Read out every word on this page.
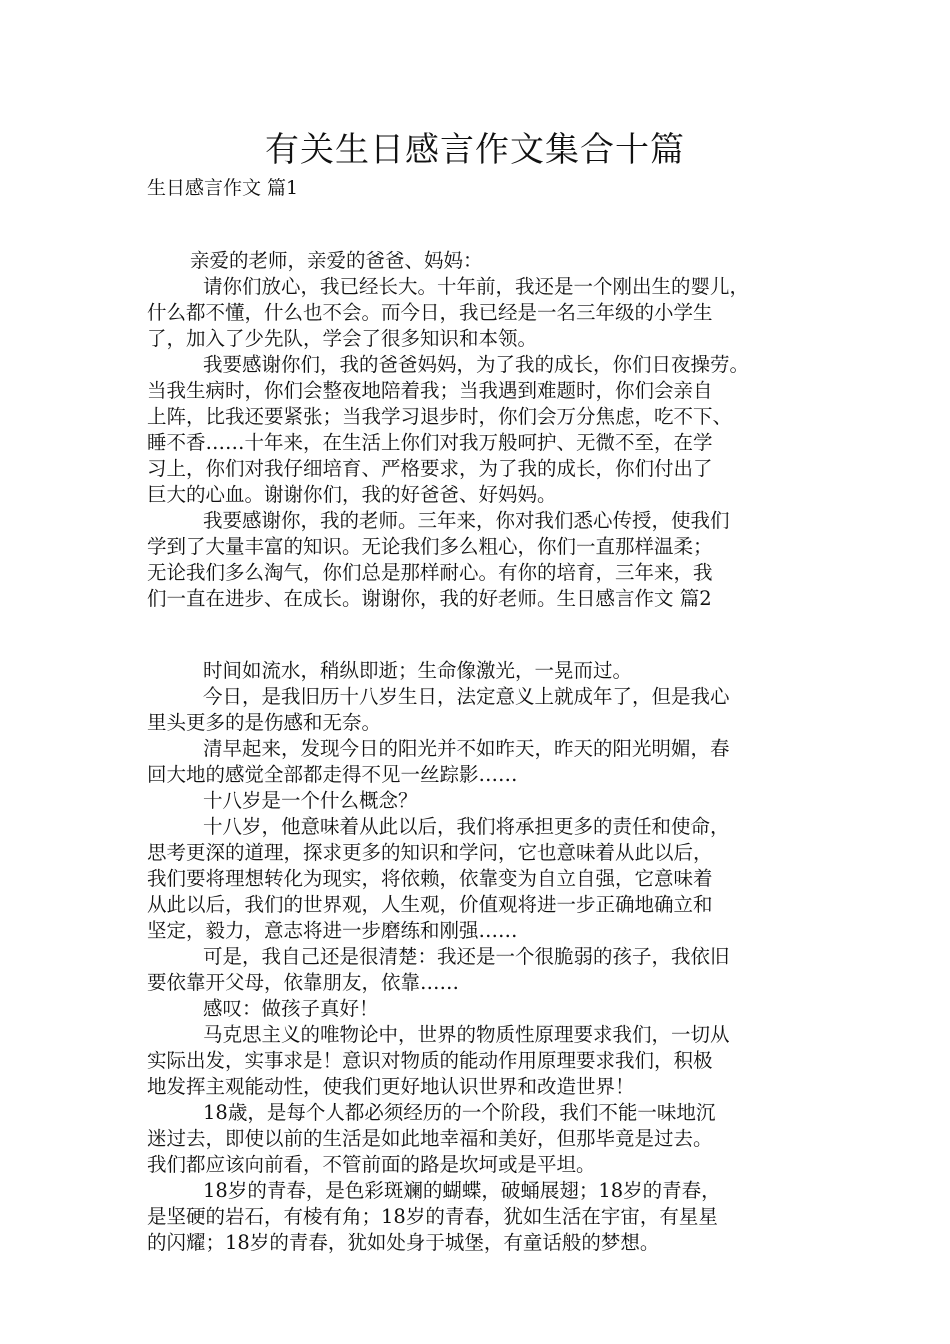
有关生日感言作文集合十篇
生日感言作文 篇1
亲爱的老师，亲爱的爸爸、妈妈：
请你们放心，我已经长大。十年前，我还是一个刚出生的婴儿，
什么都不懂，什么也不会。而今日，我已经是一名三年级的小学生
了，加入了少先队，学会了很多知识和本领。
我要感谢你们，我的爸爸妈妈，为了我的成长，你们日夜操劳。
当我生病时，你们会整夜地陪着我；当我遇到难题时，你们会亲自
上阵，比我还要紧张；当我学习退步时，你们会万分焦虑，吃不下、
睡不香……十年来，在生活上你们对我万般呵护、无微不至，在学
习上，你们对我仔细培育、严格要求，为了我的成长，你们付出了
巨大的心血。谢谢你们，我的好爸爸、好妈妈。
我要感谢你，我的老师。三年来，你对我们悉心传授，使我们
学到了大量丰富的知识。无论我们多么粗心，你们一直那样温柔；
无论我们多么淘气，你们总是那样耐心。有你的培育，三年来，我
们一直在进步、在成长。谢谢你，我的好老师。生日感言作文 篇2
时间如流水，稍纵即逝；生命像激光，一晃而过。
今日，是我旧历十八岁生日，法定意义上就成年了，但是我心
里头更多的是伤感和无奈。
清早起来，发现今日的阳光并不如昨天，昨天的阳光明媚，春
回大地的感觉全部都走得不见一丝踪影……
十八岁是一个什么概念？
十八岁，他意味着从此以后，我们将承担更多的责任和使命，
思考更深的道理，探求更多的知识和学问，它也意味着从此以后，
我们要将理想转化为现实，将依赖，依靠变为自立自强，它意味着
从此以后，我们的世界观，人生观，价值观将进一步正确地确立和
坚定，毅力，意志将进一步磨练和刚强……
可是，我自己还是很清楚：我还是一个很脆弱的孩子，我依旧
要依靠开父母，依靠朋友，依靠……
感叹：做孩子真好！
马克思主义的唯物论中，世界的物质性原理要求我们，一切从
实际出发，实事求是！意识对物质的能动作用原理要求我们，积极
地发挥主观能动性，使我们更好地认识世界和改造世界！
18歳，是每个人都必须经历的一个阶段，我们不能一味地沉
迷过去，即使以前的生活是如此地幸福和美好，但那毕竟是过去。
我们都应该向前看，不管前面的路是坎坷或是平坦。
18岁的青春，是色彩斑斓的蝴蝶，破蛹展翅；18岁的青春，
是坚硬的岩石，有棱有角；18岁的青春，犹如生活在宇宙，有星星
的闪耀；18岁的青春，犹如处身于城堡，有童话般的梦想。
